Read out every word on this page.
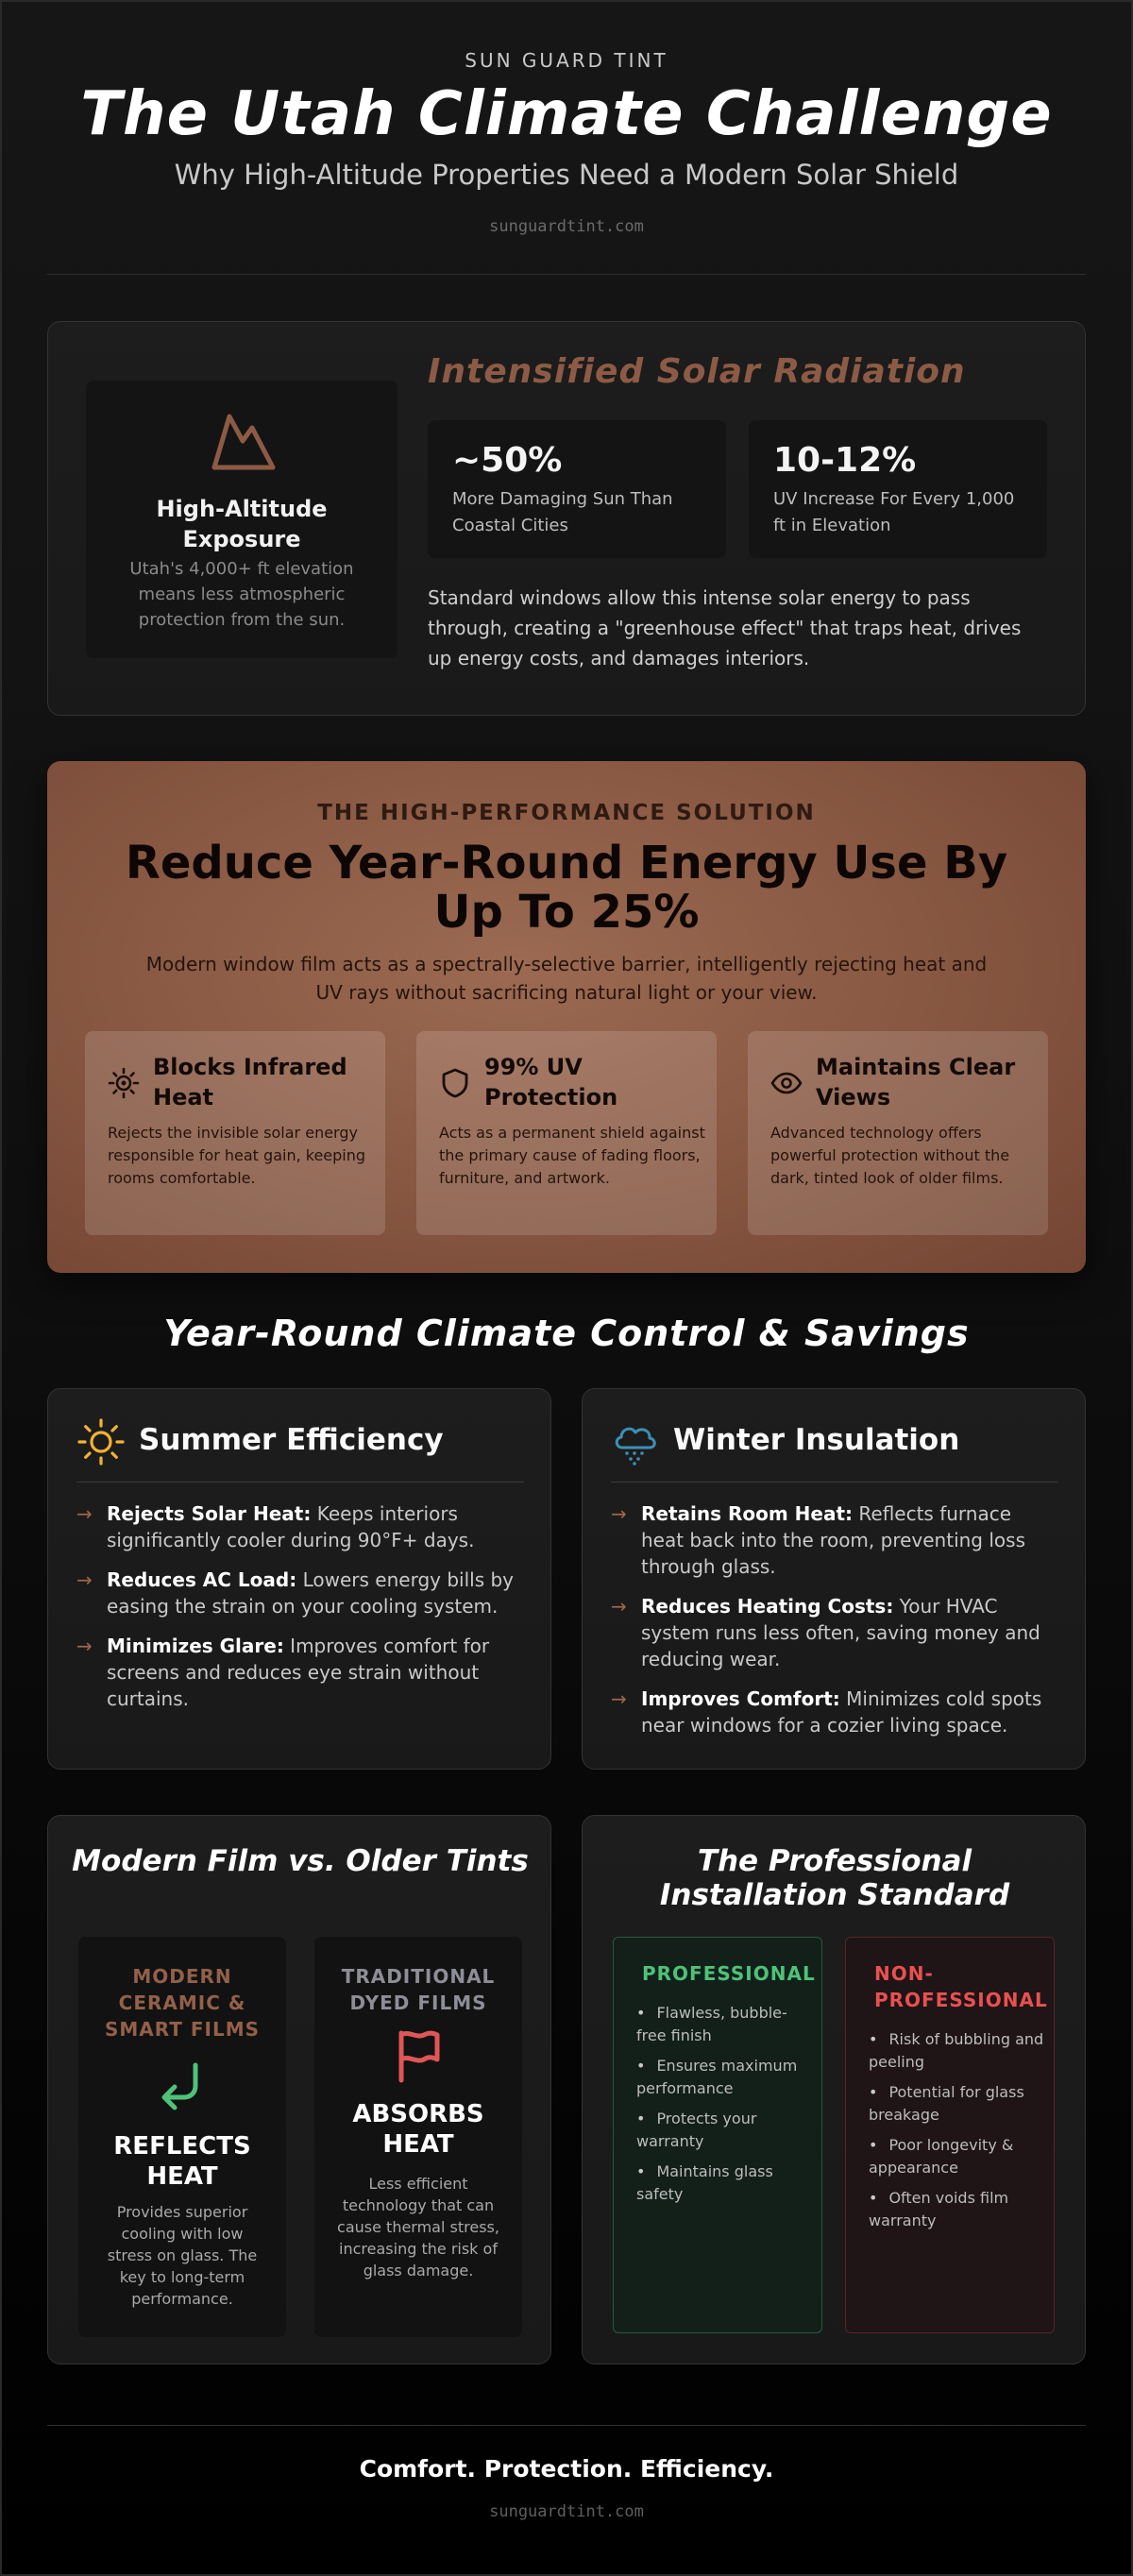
SUN GUARD TINT
The Utah Climate Challenge
Why High-Altitude Properties Need a Modern Solar Shield
sunguardtint.com
High-Altitude Exposure
Utah's 4,000+ ft elevation means less atmospheric protection from the sun.
Intensified Solar Radiation
~50%
More Damaging Sun Than Coastal Cities
10-12%
UV Increase For Every 1,000 ft in Elevation
Standard windows allow this intense solar energy to pass through, creating a "greenhouse effect" that traps heat, drives up energy costs, and damages interiors.
THE HIGH-PERFORMANCE SOLUTION
Reduce Year-Round Energy Use By Up To 25%
Modern window film acts as a spectrally-selective barrier, intelligently rejecting heat and UV rays without sacrificing natural light or your view.
Blocks Infrared Heat
Rejects the invisible solar energy responsible for heat gain, keeping rooms comfortable.
99% UV Protection
Acts as a permanent shield against the primary cause of fading floors, furniture, and artwork.
Maintains Clear Views
Advanced technology offers powerful protection without the dark, tinted look of older films.
Year-Round Climate Control & Savings
Summer Efficiency
→ Rejects Solar Heat: Keeps interiors significantly cooler during 90°F+ days.
→ Reduces AC Load: Lowers energy bills by easing the strain on your cooling system.
→ Minimizes Glare: Improves comfort for screens and reduces eye strain without curtains.
Winter Insulation
→ Retains Room Heat: Reflects furnace heat back into the room, preventing loss through glass.
→ Reduces Heating Costs: Your HVAC system runs less often, saving money and reducing wear.
→ Improves Comfort: Minimizes cold spots near windows for a cozier living space.
Modern Film vs. Older Tints
MODERN CERAMIC & SMART FILMS
REFLECTS HEAT
Provides superior cooling with low stress on glass. The key to long-term performance.
TRADITIONAL DYED FILMS
ABSORBS HEAT
Less efficient technology that can cause thermal stress, increasing the risk of glass damage.
The Professional Installation Standard
PROFESSIONAL
• Flawless, bubble-free finish
• Ensures maximum performance
• Protects your warranty
• Maintains glass safety
NON-PROFESSIONAL
• Risk of bubbling and peeling
• Potential for glass breakage
• Poor longevity & appearance
• Often voids film warranty
Comfort. Protection. Efficiency.
sunguardtint.com
